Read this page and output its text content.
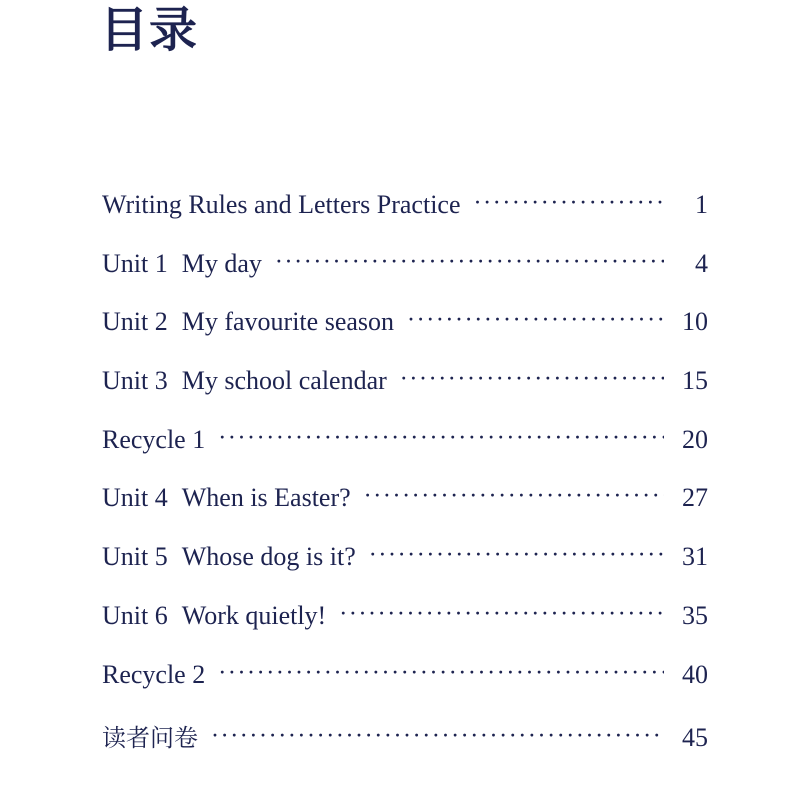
目录
Writing Rules and Letters Practice ·····	1
Unit 1 My day ·····	4
Unit 2 My favourite season ·····	10
Unit 3 My school calendar ·····	15
Recycle 1 ·····	20
Unit 4 When is Easter? ·····	27
Unit 5 Whose dog is it? ·····	31
Unit 6 Work quietly! ·····	35
Recycle 2 ·····	40
读者问卷 ·····	45
